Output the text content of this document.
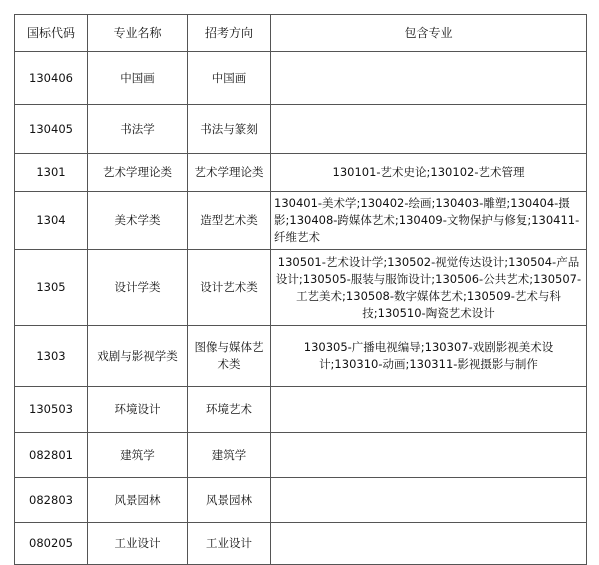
国标代码	专业名称	招考方向	包含专业
130406	中国画	中国画	
130405	书法学	书法与篆刻	
1301	艺术学理论类	艺术学理论类	130101-艺术史论;130102-艺术管理
1304	美术学类	造型艺术类	130401-美术学;130402-绘画;130403-雕塑;130404-摄影;130408-跨媒体艺术;130409-文物保护与修复;130411-纤维艺术
1305	设计学类	设计艺术类	130501-艺术设计学;130502-视觉传达设计;130504-产品设计;130505-服装与服饰设计;130506-公共艺术;130507-工艺美术;130508-数字媒体艺术;130509-艺术与科技;130510-陶瓷艺术设计
1303	戏剧与影视学类	图像与媒体艺术类	130305-广播电视编导;130307-戏剧影视美术设计;130310-动画;130311-影视摄影与制作
130503	环境设计	环境艺术	
082801	建筑学	建筑学	
082803	风景园林	风景园林	
080205	工业设计	工业设计	
